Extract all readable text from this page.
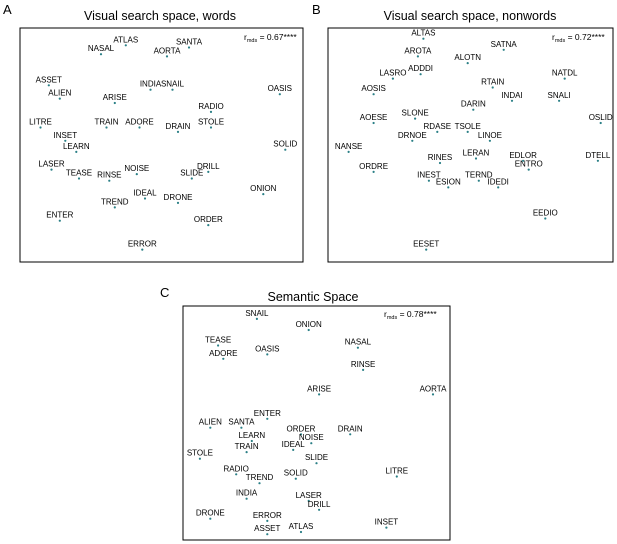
A	Visual search space, words
$r_{mds} = 0.67****$
ATLAS
NASAL
SANTA
AORTA
ASSET
ALIEN	ARISE
INDIA SNAIL	OASIS
RADIO
LITRE	TRAIN ADORE DRAIN STOLE
INSET
LEARN	SOLID
LASER	NOISE	DRILL
TEASE RINSE	SLIDE
ONION
IDEAL DRONE
TREND
ENTER	ORDER
ERROR
B	Visual search space, nonwords
$r_{mds} = 0.72****$
ALTAS
SATNA
AROTA
ALOTN
ADDDI
LASRO	NATDL
RTAIN
AOSIS
INDAI	SNALI
DARIN
SLONE
AOESE	OSLID
RDASE TSOLE
DRNOE	LINOE
NANSE
LERAN EDLOR	DTELL
RINES
ENTRO
ORDRE
INEST	TERND
ESION	IDEDI
EEDIO
EESET
C	Semantic Space
$r_{mds} = 0.78****$
SNAIL
ONION
TEASE	NASAL
OASIS
ADORE
RINSE
ARISE	AORTA
ENTER
ALIEN SANTA
ORDER	DRAIN
LEARN	NOISE
TRAIN	IDEAL
STOLE	SLIDE
RADIO	SOLID	LITRE
TREND
INDIA	LASER
DRILL
DRONE	ERROR
INSET
ASSET ATLAS
